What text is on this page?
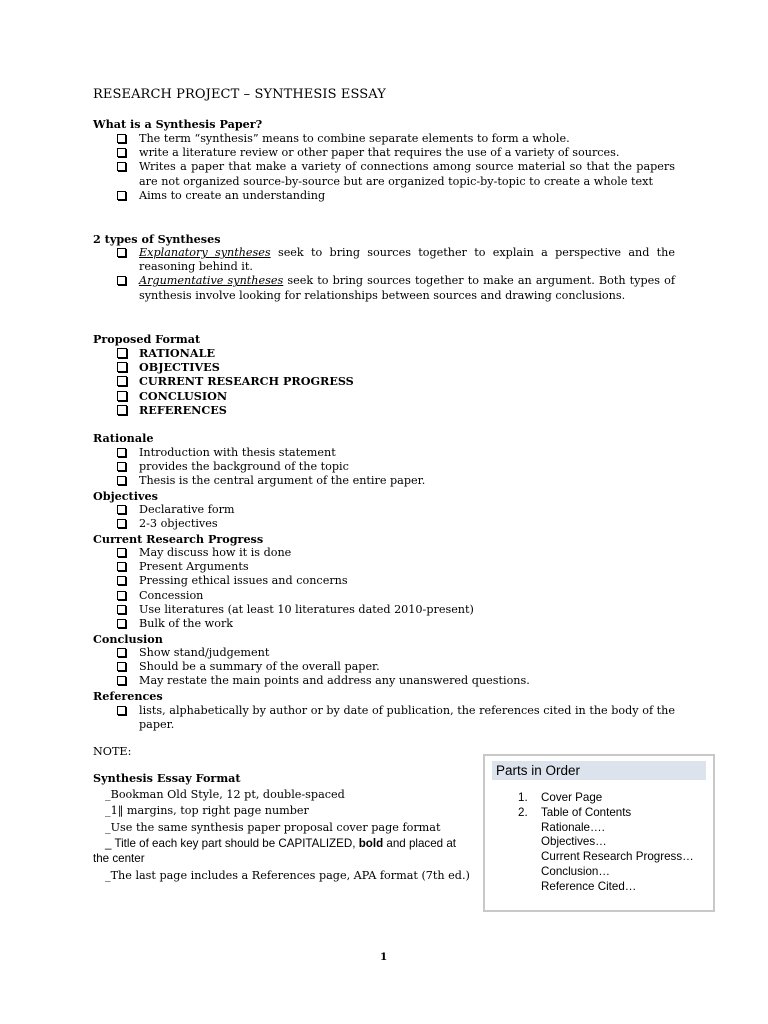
RESEARCH PROJECT – SYNTHESIS ESSAY
What is a Synthesis Paper?
The term “synthesis” means to combine separate elements to form a whole.
write a literature review or other paper that requires the use of a variety of sources.
Writes a paper that make a variety of connections among source material so that the papers are not organized source-by-source but are organized topic-by-topic to create a whole text
Aims to create an understanding
2 types of Syntheses
Explanatory syntheses seek to bring sources together to explain a perspective and the reasoning behind it.
Argumentative syntheses seek to bring sources together to make an argument. Both types of synthesis involve looking for relationships between sources and drawing conclusions.
Proposed Format
RATIONALE
OBJECTIVES
CURRENT RESEARCH PROGRESS
CONCLUSION
REFERENCES
Rationale
Introduction with thesis statement
provides the background of the topic
Thesis is the central argument of the entire paper.
Objectives
Declarative form
2-3 objectives
Current Research Progress
May discuss how it is done
Present Arguments
Pressing ethical issues and concerns
Concession
Use literatures (at least 10 literatures dated 2010-present)
Bulk of the work
Conclusion
Show stand/judgement
Should be a summary of the overall paper.
May restate the main points and address any unanswered questions.
References
lists, alphabetically by author or by date of publication, the references cited in the body of the paper.
NOTE:

Synthesis Essay Format

_Bookman Old Style, 12 pt, double-spaced

_1‖ margins, top right page number

_Use the same synthesis paper proposal cover page format

_ Title of each key part should be CAPITALIZED, bold and placed at the center

_The last page includes a References page, APA format (7th ed.)

Parts in Order
1. Cover Page
2. Table of Contents
Rationale….
Objectives…
Current Research Progress…
Conclusion…
Reference Cited…
1
